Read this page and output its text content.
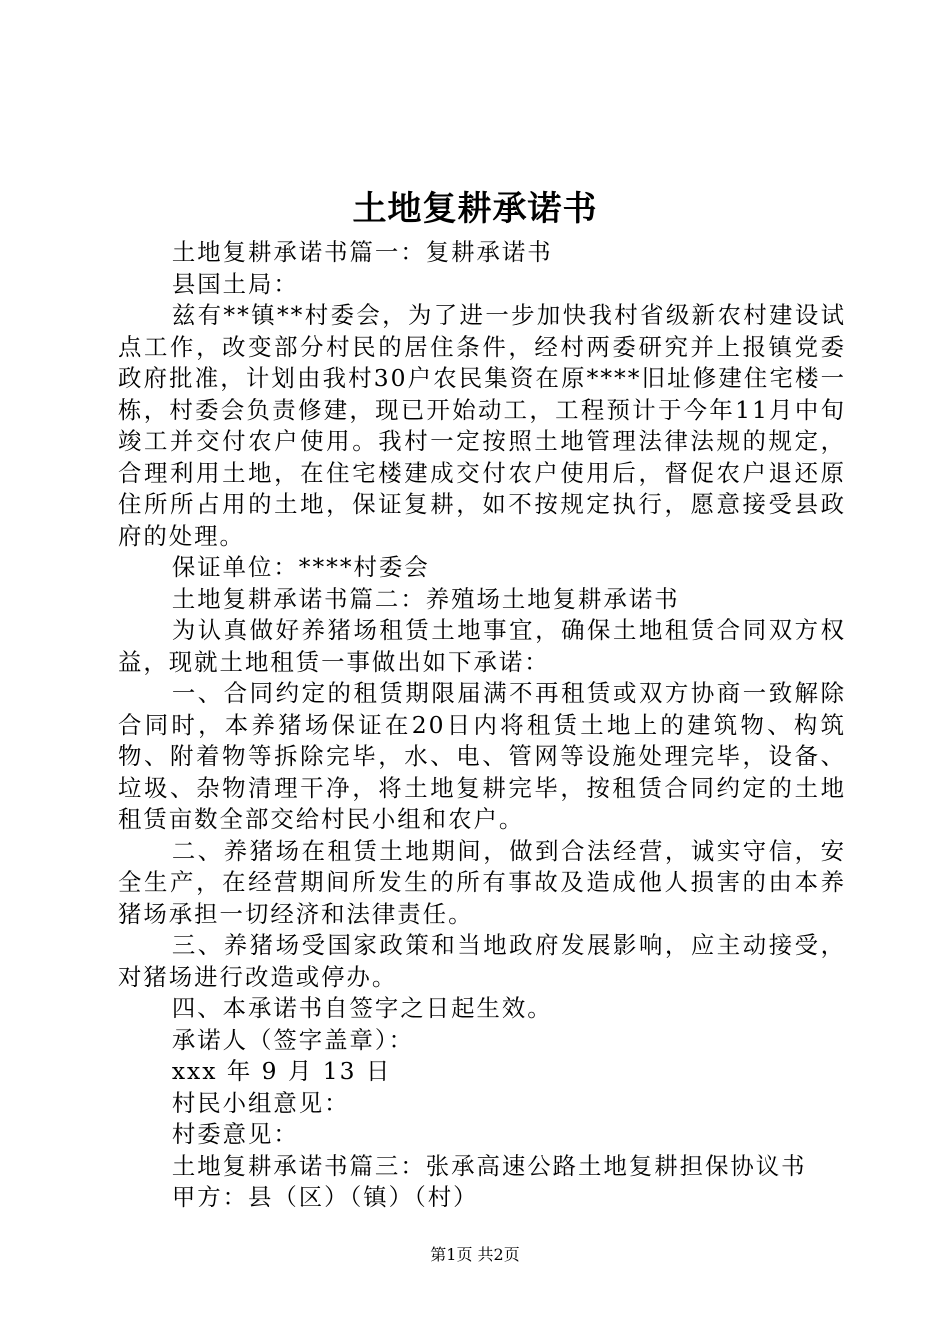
土地复耕承诺书

土地复耕承诺书篇一：复耕承诺书

县国土局：

兹有**镇**村委会，为了进一步加快我村省级新农村建设试点工作，改变部分村民的居住条件，经村两委研究并上报镇党委政府批准，计划由我村30户农民集资在原****旧址修建住宅楼一栋，村委会负责修建，现已开始动工，工程预计于今年11月中旬竣工并交付农户使用。我村一定按照土地管理法律法规的规定，合理利用土地，在住宅楼建成交付农户使用后，督促农户退还原住所所占用的土地，保证复耕，如不按规定执行，愿意接受县政府的处理。

保证单位：****村委会

土地复耕承诺书篇二：养殖场土地复耕承诺书

为认真做好养猪场租赁土地事宜，确保土地租赁合同双方权益，现就土地租赁一事做出如下承诺：

一、合同约定的租赁期限届满不再租赁或双方协商一致解除合同时，本养猪场保证在20日内将租赁土地上的建筑物、构筑物、附着物等拆除完毕，水、电、管网等设施处理完毕，设备、垃圾、杂物清理干净，将土地复耕完毕，按租赁合同约定的土地租赁亩数全部交给村民小组和农户。

二、养猪场在租赁土地期间，做到合法经营，诚实守信，安全生产，在经营期间所发生的所有事故及造成他人损害的由本养猪场承担一切经济和法律责任。

三、养猪场受国家政策和当地政府发展影响，应主动接受，对猪场进行改造或停办。

四、本承诺书自签字之日起生效。

承诺人（签字盖章）：

xxx 年 9 月 13 日

村民小组意见：

村委意见：

土地复耕承诺书篇三：张承高速公路土地复耕担保协议书

甲方：县（区）（镇）（村）

第1页 共2页
